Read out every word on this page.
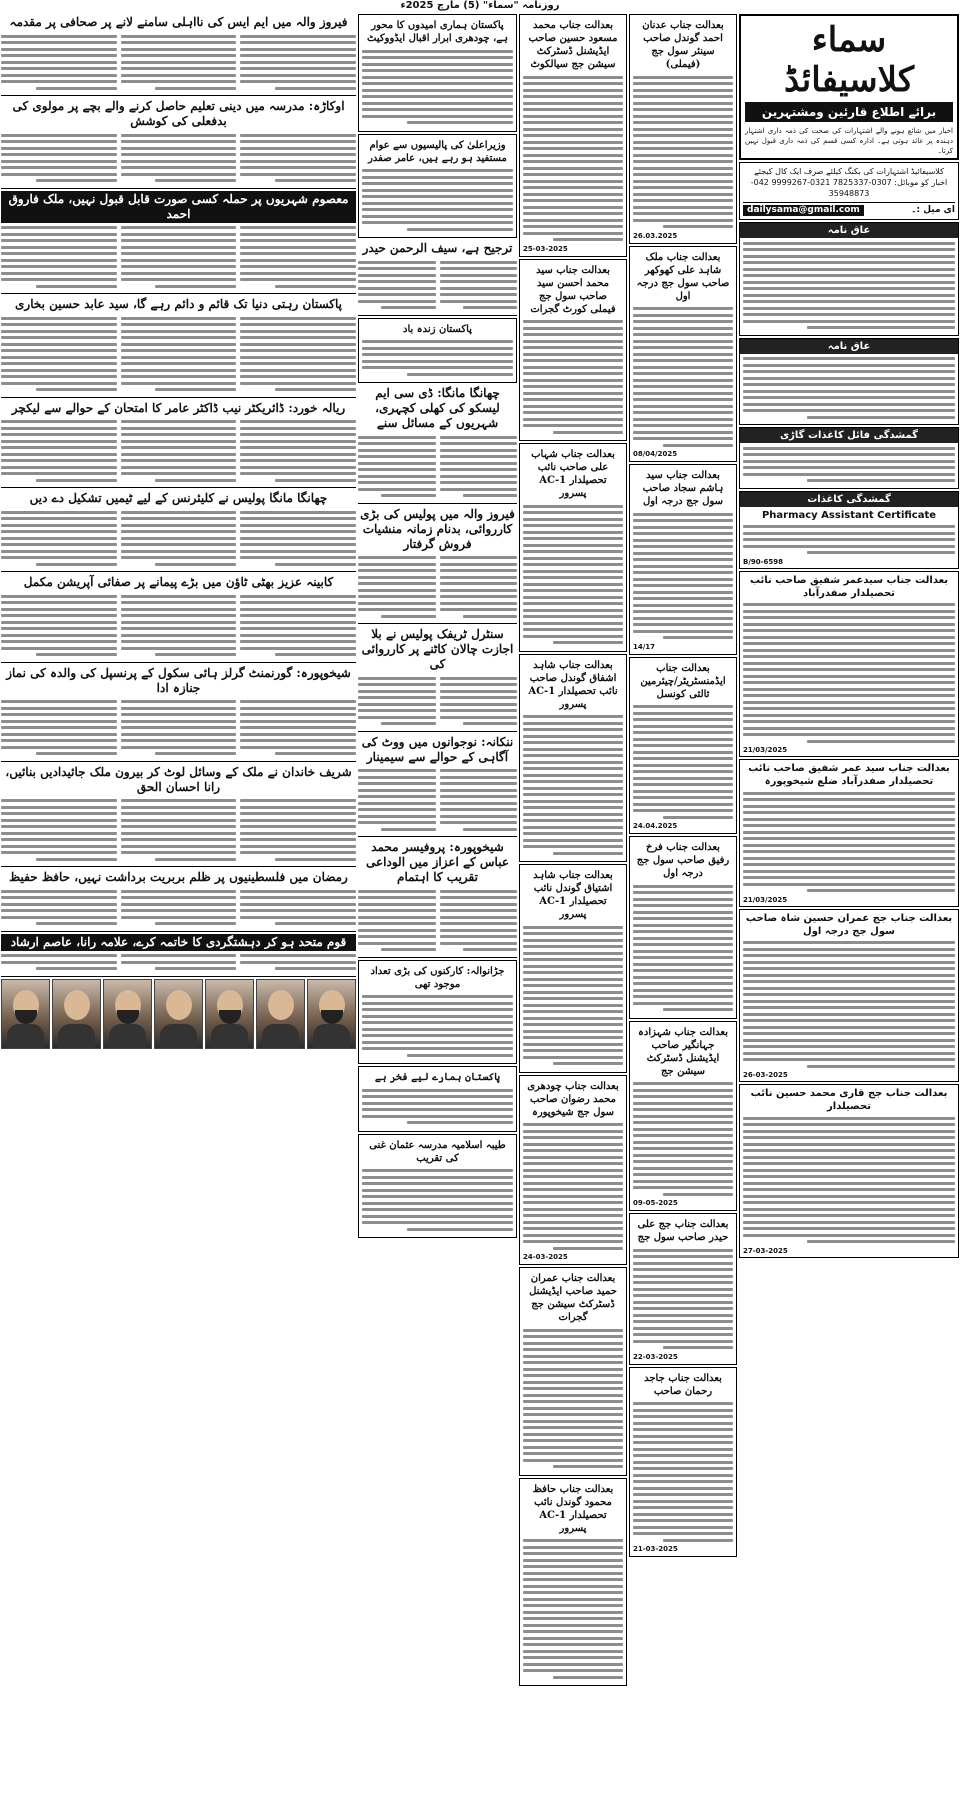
روزنامہ "سماء" (5) مارچ 2025ء
سماء کلاسیفائڈ
برائے اطلاع قارئین ومشتہرین
اخبار میں شائع ہونے والے اشتہارات کی صحت کی ذمہ داری اشتہار دہندہ پر عائد ہوتی ہے۔ ادارہ کسی قسم کی ذمہ داری قبول نہیں کرتا۔
کلاسیفائیڈ اشتہارات کی بکنگ کیلئے صرف ایک کال کیجئے
اخبار کو موبائل: 0307-7825337 0321-9999267 042-35948873
ای میل :۔
dailysama@gmail.com
عاق نامہ
عاق نامہ
گمشدگی فائل کاغذات گاڑی
گمشدگی کاغذات
Pharmacy Assistant Certificate
B/90-6598
بعدالت جناب سیدعمر شفیق صاحب نائب تحصیلدار صفدرآباد
21/03/2025
بعدالت جناب سید عمر شفیق صاحب نائب تحصیلدار صفدرآباد ضلع شیخوپورہ
21/03/2025
بعدالت جناب جج عمران حسین شاہ صاحب سول جج درجہ اول
26-03-2025
بعدالت جناب جج قاری محمد حسین نائب تحصیلدار
27-03-2025
بعدالت جناب عدنان احمد گوندل صاحب سینئر سول جج (فیملی)
26.03.2025
بعدالت جناب ملک شاہد علی کھوکھر صاحب سول جج درجہ اول
08/04/2025
بعدالت جناب سید ہاشم سجاد صاحب سول جج درجہ اول
14/17
بعدالت جناب ایڈمنسٹریٹر/چیئرمین ثالثی کونسل
24.04.2025
بعدالت جناب فرخ رفیق صاحب سول جج درجہ اول
بعدالت جناب شہزادہ جہانگیر صاحب ایڈیشنل ڈسٹرکٹ سیشن جج
09-05-2025
بعدالت جناب جج علی حیدر صاحب سول جج
22-03-2025
بعدالت جناب جاجد رحمان صاحب
21-03-2025
بعدالت جناب محمد مسعود حسین صاحب ایڈیشنل ڈسٹرکٹ سیشن جج سیالکوٹ
25-03-2025
بعدالت جناب سید محمد احسن سید صاحب سول جج فیملی کورٹ گجرات
بعدالت جناب شہاب علی صاحب نائب تحصیلدار AC-1 پسرور
بعدالت جناب شاہد اشفاق گوندل صاحب نائب تحصیلدار AC-1 پسرور
بعدالت جناب شاہد اشتیاق گوندل نائب تحصیلدار AC-1 پسرور
بعدالت جناب چودھری محمد رضوان صاحب سول جج شیخوپورہ
24-03-2025
بعدالت جناب عمران حمید صاحب ایڈیشنل ڈسٹرکٹ سیشن جج گجرات
بعدالت جناب حافظ محمود گوندل نائب تحصیلدار AC-1 پسرور
پاکستان ہماری امیدوں کا محور ہے، چودھری ابرار اقبال ایڈووکیٹ
وزیراعلیٰ کی پالیسیوں سے عوام مستفید ہو رہے ہیں، عامر صفدر
ترجیح ہے، سیف الرحمن حیدر
پاکستان زندہ باد
چھانگا مانگا: ڈی سی ایم لیسکو کی کھلی کچہری، شہریوں کے مسائل سنے
فیروز والہ میں پولیس کی بڑی کارروائی، بدنام زمانہ منشیات فروش گرفتار
سنٹرل ٹریفک پولیس نے بلا اجازت چالان کاٹنے پر کارروائی کی
ننکانہ: نوجوانوں میں ووٹ کی آگاہی کے حوالے سے سیمینار
شیخوپورہ: پروفیسر محمد عباس کے اعزاز میں الوداعی تقریب کا اہتمام
جڑانوالہ: کارکنوں کی بڑی تعداد موجود تھی
پاکستان ہمارے لیے فخر ہے
طیبہ اسلامیہ مدرسہ عثمان غنی کی تقریب
فیروز والہ میں ایم ایس کی نااہلی سامنے لانے پر صحافی پر مقدمہ
اوکاڑہ: مدرسہ میں دینی تعلیم حاصل کرنے والے بچے پر مولوی کی بدفعلی کی کوشش
معصوم شہریوں پر حملہ کسی صورت قابل قبول نہیں، ملک فاروق احمد
پاکستان رہتی دنیا تک قائم و دائم رہے گا، سید عابد حسین بخاری
ریالہ خورد: ڈائریکٹر نیب ڈاکٹر عامر کا امتحان کے حوالے سے لیکچر
چھانگا مانگا پولیس نے کلیئرنس کے لیے ٹیمیں تشکیل دے دیں
کابینہ عزیز بھٹی ٹاؤن میں بڑے پیمانے پر صفائی آپریشن مکمل
شیخوپورہ: گورنمنٹ گرلز ہائی سکول کے پرنسپل کی والدہ کی نماز جنازہ ادا
شریف خاندان نے ملک کے وسائل لوٹ کر بیرون ملک جائیدادیں بنائیں، رانا احسان الحق
رمضان میں فلسطینیوں پر ظلم بربریت برداشت نہیں، حافظ حفیظ
قوم متحد ہو کر دہشتگردی کا خاتمہ کرے، علامہ رانا، عاصم ارشاد
